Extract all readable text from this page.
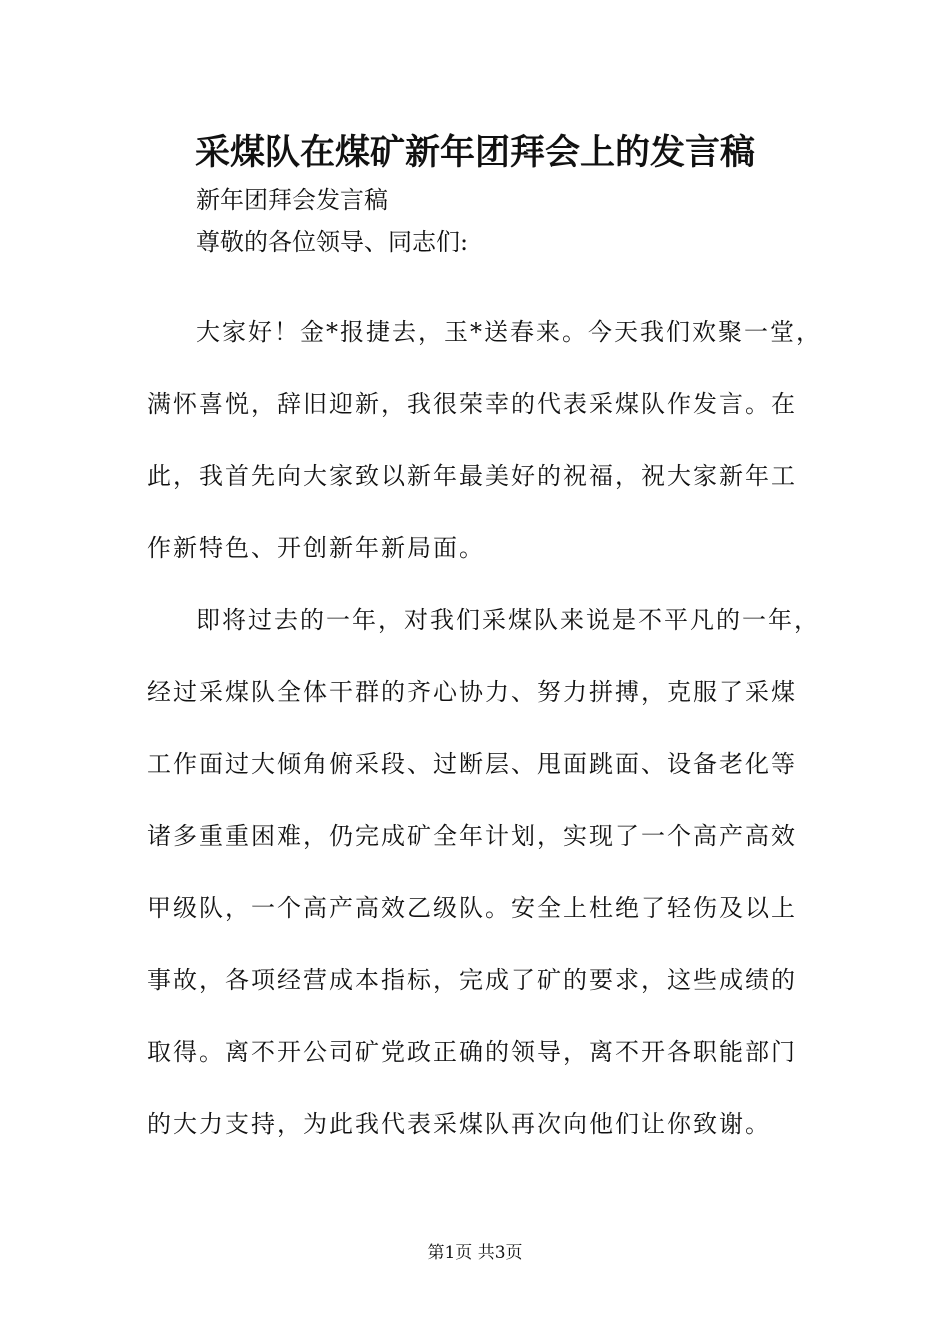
采煤队在煤矿新年团拜会上的发言稿
新年团拜会发言稿
尊敬的各位领导、同志们:
大家好！金*报捷去，玉*送春来。今天我们欢聚一堂，
满怀喜悦，辞旧迎新，我很荣幸的代表采煤队作发言。在
此，我首先向大家致以新年最美好的祝福，祝大家新年工
作新特色、开创新年新局面。
即将过去的一年，对我们采煤队来说是不平凡的一年，
经过采煤队全体干群的齐心协力、努力拼搏，克服了采煤
工作面过大倾角俯采段、过断层、甩面跳面、设备老化等
诸多重重困难，仍完成矿全年计划，实现了一个高产高效
甲级队，一个高产高效乙级队。安全上杜绝了轻伤及以上
事故，各项经营成本指标，完成了矿的要求，这些成绩的
取得。离不开公司矿党政正确的领导，离不开各职能部门
的大力支持，为此我代表采煤队再次向他们让你致谢。
第1页 共3页
